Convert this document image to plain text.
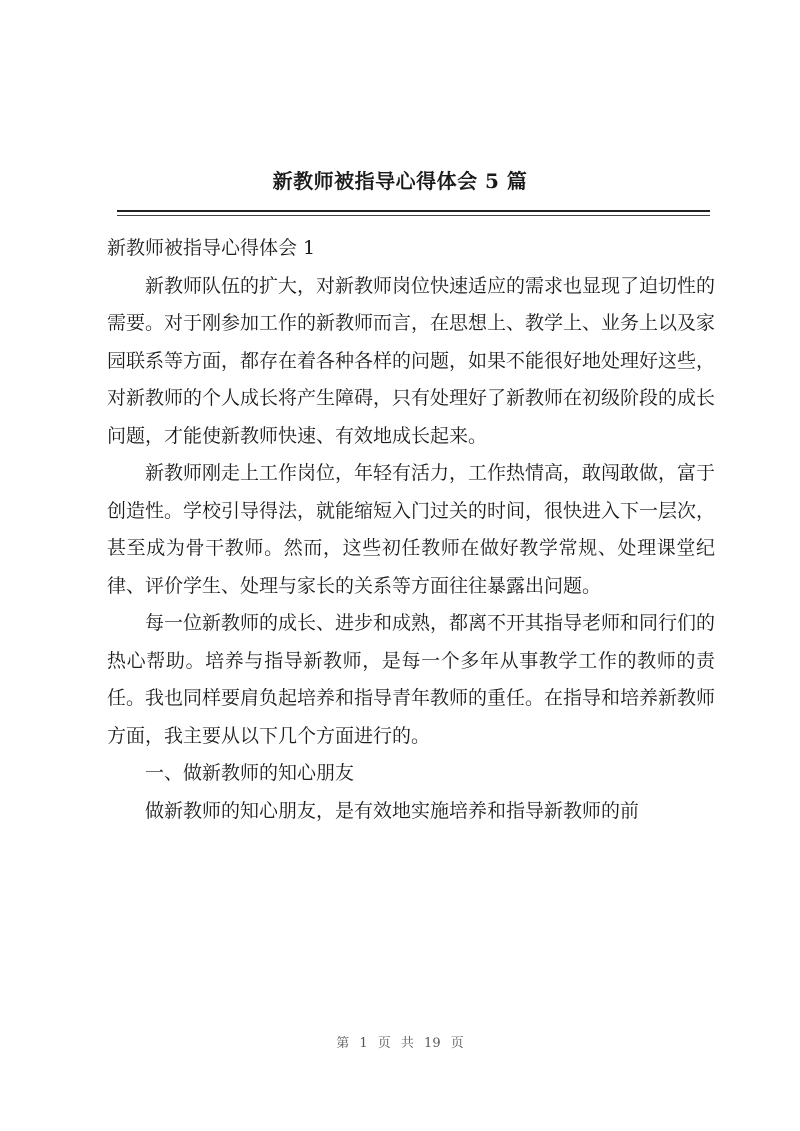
新教师被指导心得体会 5 篇

新教师被指导心得体会 1

新教师队伍的扩大，对新教师岗位快速适应的需求也显现了迫切性的需要。对于刚参加工作的新教师而言，在思想上、教学上、业务上以及家园联系等方面，都存在着各种各样的问题，如果不能很好地处理好这些，对新教师的个人成长将产生障碍，只有处理好了新教师在初级阶段的成长问题，才能使新教师快速、有效地成长起来。

新教师刚走上工作岗位，年轻有活力，工作热情高，敢闯敢做，富于创造性。学校引导得法，就能缩短入门过关的时间，很快进入下一层次，甚至成为骨干教师。然而，这些初任教师在做好教学常规、处理课堂纪律、评价学生、处理与家长的关系等方面往往暴露出问题。

每一位新教师的成长、进步和成熟，都离不开其指导老师和同行们的热心帮助。培养与指导新教师，是每一个多年从事教学工作的教师的责任。我也同样要肩负起培养和指导青年教师的重任。在指导和培养新教师方面，我主要从以下几个方面进行的。

一、做新教师的知心朋友

做新教师的知心朋友，是有效地实施培养和指导新教师的前

第 1 页 共 19 页
